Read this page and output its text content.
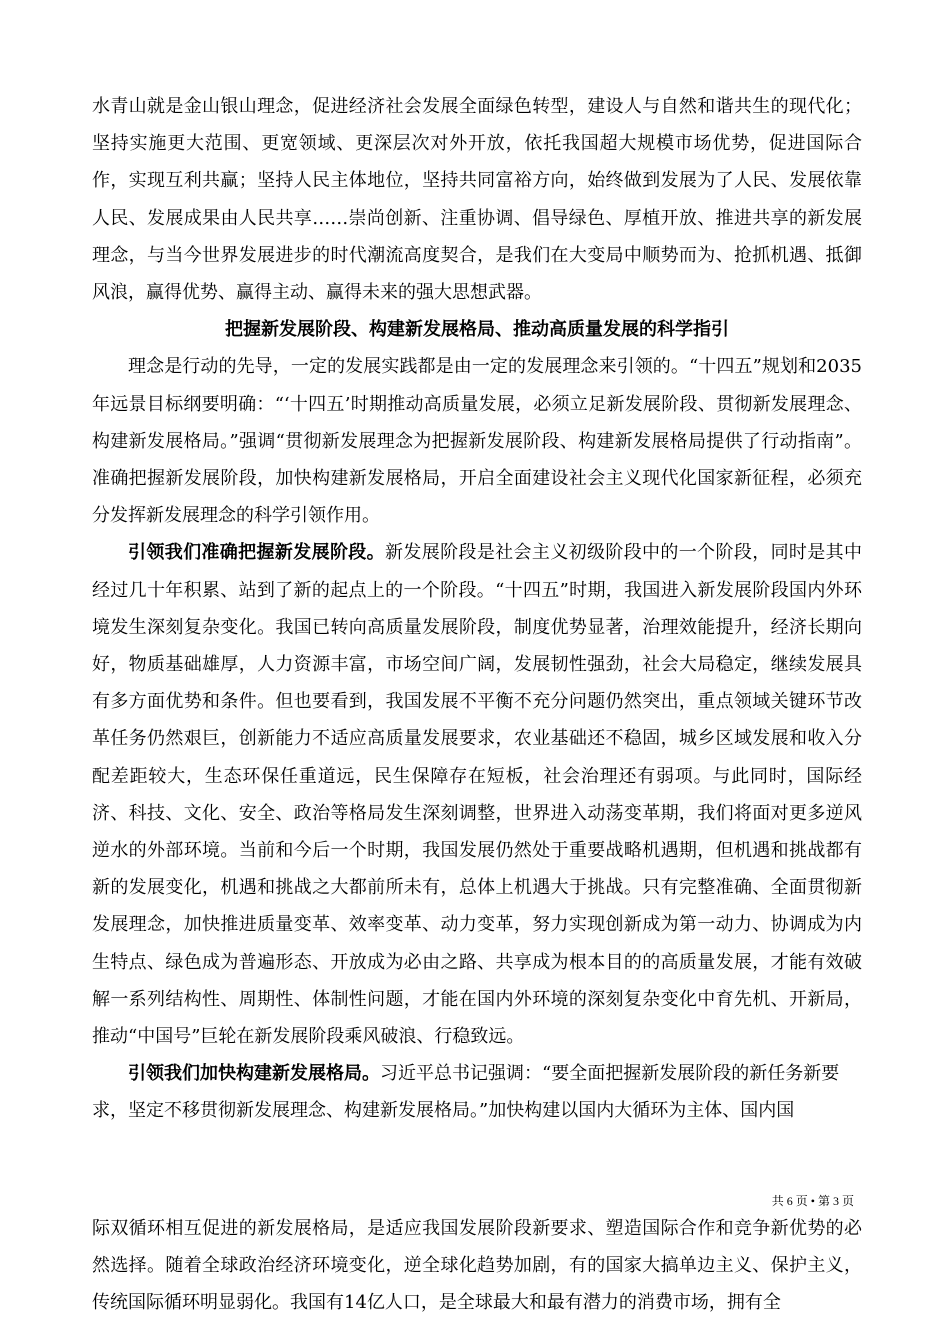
水青山就是金山银山理念，促进经济社会发展全面绿色转型，建设人与自然和谐共生的现代化；坚持实施更大范围、更宽领域、更深层次对外开放，依托我国超大规模市场优势，促进国际合作，实现互利共赢；坚持人民主体地位，坚持共同富裕方向，始终做到发展为了人民、发展依靠人民、发展成果由人民共享……崇尚创新、注重协调、倡导绿色、厚植开放、推进共享的新发展理念，与当今世界发展进步的时代潮流高度契合，是我们在大变局中顺势而为、抢抓机遇、抵御风浪，赢得优势、赢得主动、赢得未来的强大思想武器。

把握新发展阶段、构建新发展格局、推动高质量发展的科学指引

理念是行动的先导，一定的发展实践都是由一定的发展理念来引领的。“十四五”规划和2035年远景目标纲要明确：“‘十四五’时期推动高质量发展，必须立足新发展阶段、贯彻新发展理念、构建新发展格局。”强调“贯彻新发展理念为把握新发展阶段、构建新发展格局提供了行动指南”。准确把握新发展阶段，加快构建新发展格局，开启全面建设社会主义现代化国家新征程，必须充分发挥新发展理念的科学引领作用。

引领我们准确把握新发展阶段。新发展阶段是社会主义初级阶段中的一个阶段，同时是其中经过几十年积累、站到了新的起点上的一个阶段。“十四五”时期，我国进入新发展阶段国内外环境发生深刻复杂变化。我国已转向高质量发展阶段，制度优势显著，治理效能提升，经济长期向好，物质基础雄厚，人力资源丰富，市场空间广阔，发展韧性强劲，社会大局稳定，继续发展具有多方面优势和条件。但也要看到，我国发展不平衡不充分问题仍然突出，重点领域关键环节改革任务仍然艰巨，创新能力不适应高质量发展要求，农业基础还不稳固，城乡区域发展和收入分配差距较大，生态环保任重道远，民生保障存在短板，社会治理还有弱项。与此同时，国际经济、科技、文化、安全、政治等格局发生深刻调整，世界进入动荡变革期，我们将面对更多逆风逆水的外部环境。当前和今后一个时期，我国发展仍然处于重要战略机遇期，但机遇和挑战都有新的发展变化，机遇和挑战之大都前所未有，总体上机遇大于挑战。只有完整准确、全面贯彻新发展理念，加快推进质量变革、效率变革、动力变革，努力实现创新成为第一动力、协调成为内生特点、绿色成为普遍形态、开放成为必由之路、共享成为根本目的的高质量发展，才能有效破解一系列结构性、周期性、体制性问题，才能在国内外环境的深刻复杂变化中育先机、开新局，推动“中国号”巨轮在新发展阶段乘风破浪、行稳致远。

引领我们加快构建新发展格局。习近平总书记强调：“要全面把握新发展阶段的新任务新要求，坚定不移贯彻新发展理念、构建新发展格局。”加快构建以国内大循环为主体、国内国

共 6 页 • 第 3 页

际双循环相互促进的新发展格局，是适应我国发展阶段新要求、塑造国际合作和竞争新优势的必然选择。随着全球政治经济环境变化，逆全球化趋势加剧，有的国家大搞单边主义、保护主义，传统国际循环明显弱化。我国有14亿人口，是全球最大和最有潜力的消费市场，拥有全
